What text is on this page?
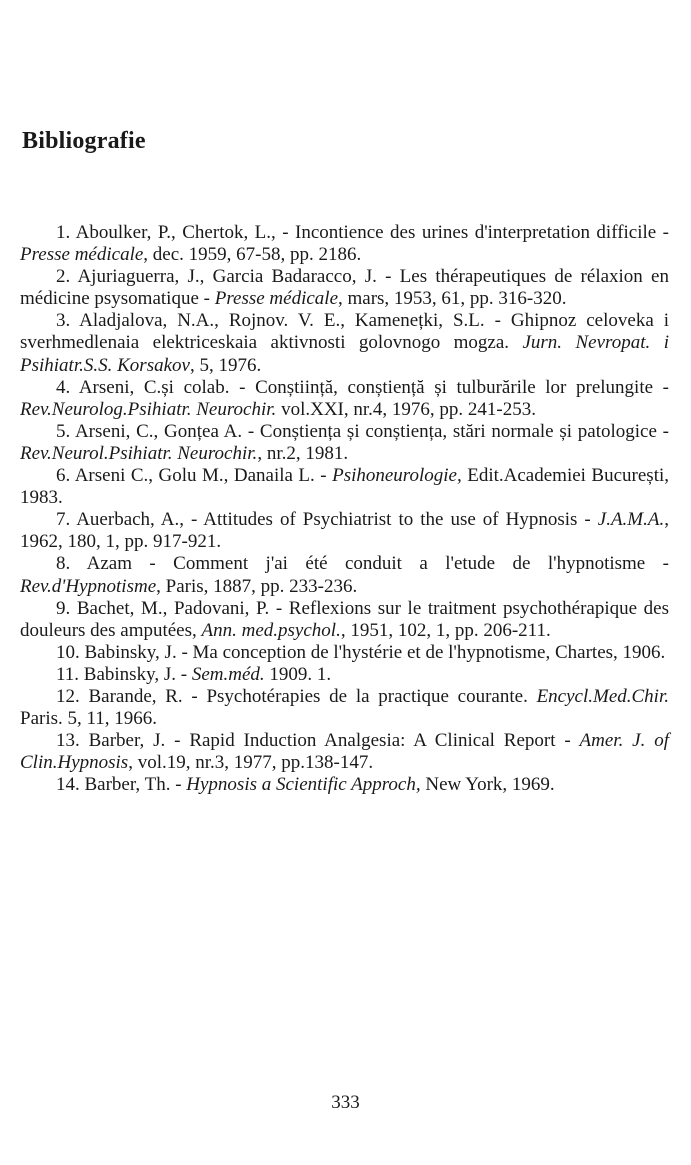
Bibliografie

1. Aboulker, P., Chertok, L., - Incontience des urines d'interpretation difficile - Presse médicale, dec. 1959, 67-58, pp. 2186.

2. Ajuriaguerra, J., Garcia Badaracco, J. - Les thérapeutiques de rélaxion en médicine psysomatique - Presse médicale, mars, 1953, 61, pp. 316-320.

3. Aladjalova, N.A., Rojnov. V. E., Kamenețki, S.L. - Ghipnoz celoveka i sverhmedlenaia elektriceskaia aktivnosti golovnogo mogza. Jurn. Nevropat. i Psihiatr.S.S. Korsakov, 5, 1976.

4. Arseni, C.și colab. - Conștiință, conștiență și tulburările lor prelungite - Rev.Neurolog.Psihiatr. Neurochir. vol.XXI, nr.4, 1976, pp. 241-253.

5. Arseni, C., Gonțea A. - Conștiența și conștiența, stări normale și patologice - Rev.Neurol.Psihiatr. Neurochir., nr.2, 1981.

6. Arseni C., Golu M., Danaila L. - Psihoneurologie, Edit.Academiei București, 1983.

7. Auerbach, A., - Attitudes of Psychiatrist to the use of Hypnosis - J.A.M.A., 1962, 180, 1, pp. 917-921.

8. Azam - Comment j'ai été conduit a l'etude de l'hypnotisme - Rev.d'Hypnotisme, Paris, 1887, pp. 233-236.

9. Bachet, M., Padovani, P. - Reflexions sur le traitment psychothérapique des douleurs des amputées, Ann. med.psychol., 1951, 102, 1, pp. 206-211.

10. Babinsky, J. - Ma conception de l'hystérie et de l'hypnotisme, Chartes, 1906.

11. Babinsky, J. - Sem.méd. 1909. 1.

12. Barande, R. - Psychotérapies de la practique courante. Encycl.Med.Chir. Paris. 5, 11, 1966.

13. Barber, J. - Rapid Induction Analgesia: A Clinical Report - Amer. J. of Clin.Hypnosis, vol.19, nr.3, 1977, pp.138-147.

14. Barber, Th. - Hypnosis a Scientific Approch, New York, 1969.

333
